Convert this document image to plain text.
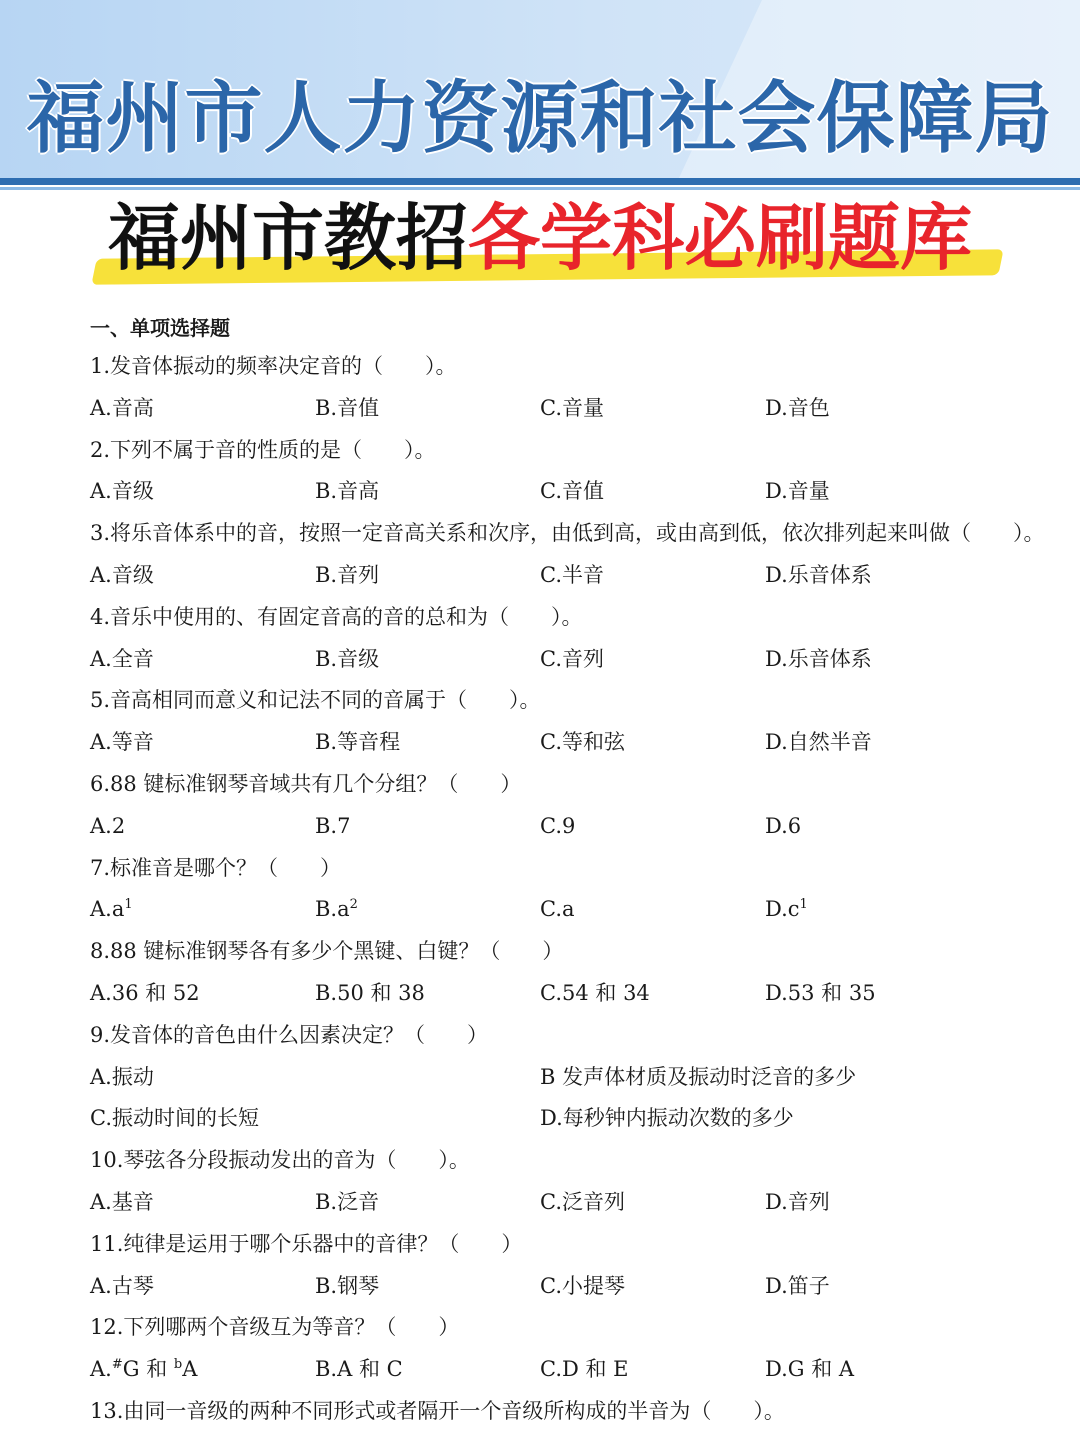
福州市人力资源和社会保障局
福州市教招各学科必刷题库
一、单项选择题
1.发音体振动的频率决定音的（　　）。
A.音高	B.音值	C.音量	D.音色
2.下列不属于音的性质的是（　　）。
A.音级	B.音高	C.音值	D.音量
3.将乐音体系中的音，按照一定音高关系和次序，由低到高，或由高到低，依次排列起来叫做（　　）。
A.音级	B.音列	C.半音	D.乐音体系
4.音乐中使用的、有固定音高的音的总和为（　　）。
A.全音	B.音级	C.音列	D.乐音体系
5.音高相同而意义和记法不同的音属于（　　）。
A.等音	B.等音程	C.等和弦	D.自然半音
6.88 键标准钢琴音域共有几个分组？（　　）
A.2	B.7	C.9	D.6
7.标准音是哪个？（　　）
$A.a^1$	$B.a^2$	C.a	$D.c^1$
8.88 键标准钢琴各有多少个黑键、白键？（　　）
A.36 和 52	B.50 和 38	C.54 和 34	D.53 和 35
9.发音体的音色由什么因素决定？（　　）
A.振动	B 发声体材质及振动时泛音的多少
C.振动时间的长短	D.每秒钟内振动次数的多少
10.琴弦各分段振动发出的音为（　　）。
A.基音	B.泛音	C.泛音列	D.音列
11.纯律是运用于哪个乐器中的音律？（　　）
A.古琴	B.钢琴	C.小提琴	D.笛子
12.下列哪两个音级互为等音？（　　）
A.#G 和 $^b$A	B.A 和 C	C.D 和 E	D.G 和 A
13.由同一音级的两种不同形式或者隔开一个音级所构成的半音为（　　）。
